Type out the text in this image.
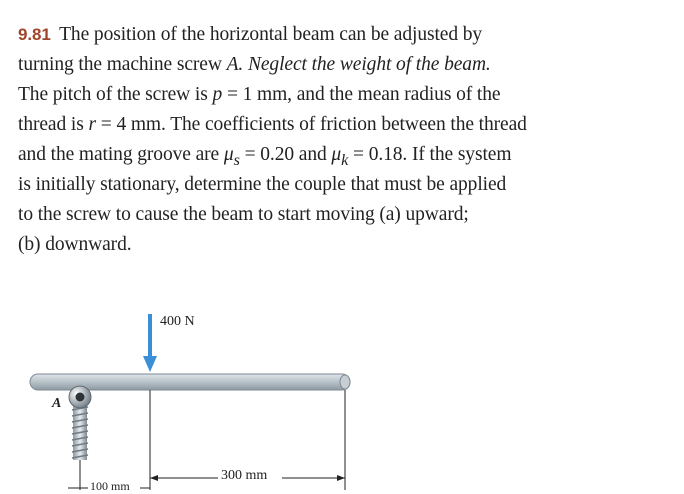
9.81 The position of the horizontal beam can be adjusted by
turning the machine screw A. Neglect the weight of the beam.
The pitch of the screw is p = 1 mm, and the mean radius of the
thread is r = 4 mm. The coefficients of friction between the thread
and the mating groove are $\mu_s = 0.20$ and $\mu_k = 0.18$. If the system
is initially stationary, determine the couple that must be applied
to the screw to cause the beam to start moving (a) upward;
(b) downward.
400 N
A
300 mm
100 mm
